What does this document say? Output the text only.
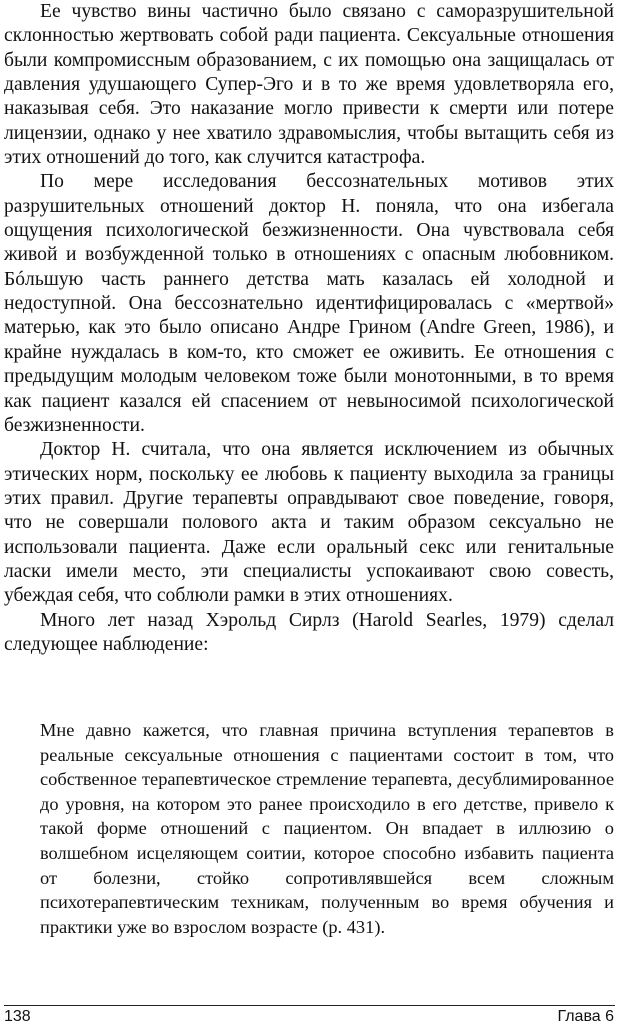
Ее чувство вины частично было связано с саморазрушительной склонностью жертвовать собой ради пациента. Сексуальные отношения были компромиссным образованием, с их помощью она защищалась от давления удушающего Супер-Эго и в то же время удовлетворяла его, наказывая себя. Это наказание могло привести к смерти или потере лицензии, однако у нее хватило здравомыслия, чтобы вытащить себя из этих отношений до того, как случится катастрофа.

По мере исследования бессознательных мотивов этих разрушительных отношений доктор Н. поняла, что она избегала ощущения психологической безжизненности. Она чувствовала себя живой и возбужденной только в отношениях с опасным любовником. Бóльшую часть раннего детства мать казалась ей холодной и недоступной. Она бессознательно идентифицировалась с «мертвой» матерью, как это было описано Андре Грином (Andre Green, 1986), и крайне нуждалась в ком-то, кто сможет ее оживить. Ее отношения с предыдущим молодым человеком тоже были монотонными, в то время как пациент казался ей спасением от невыносимой психологической безжизненности.

Доктор Н. считала, что она является исключением из обычных этических норм, поскольку ее любовь к пациенту выходила за границы этих правил. Другие терапевты оправдывают свое поведение, говоря, что не совершали полового акта и таким образом сексуально не использовали пациента. Даже если оральный секс или генитальные ласки имели место, эти специалисты успокаивают свою совесть, убеждая себя, что соблюли рамки в этих отношениях.

Много лет назад Хэрольд Сирлз (Harold Searles, 1979) сделал следующее наблюдение:

Мне давно кажется, что главная причина вступления терапевтов в реальные сексуальные отношения с пациентами состоит в том, что собственное терапевтическое стремление терапевта, десублимированное до уровня, на котором это ранее происходило в его детстве, привело к такой форме отношений с пациентом. Он впадает в иллюзию о волшебном исцеляющем соитии, которое способно избавить пациента от болезни, стойко сопротивлявшейся всем сложным психотерапевтическим техникам, полученным во время обучения и практики уже во взрослом возрасте (p. 431).

138	Глава 6
